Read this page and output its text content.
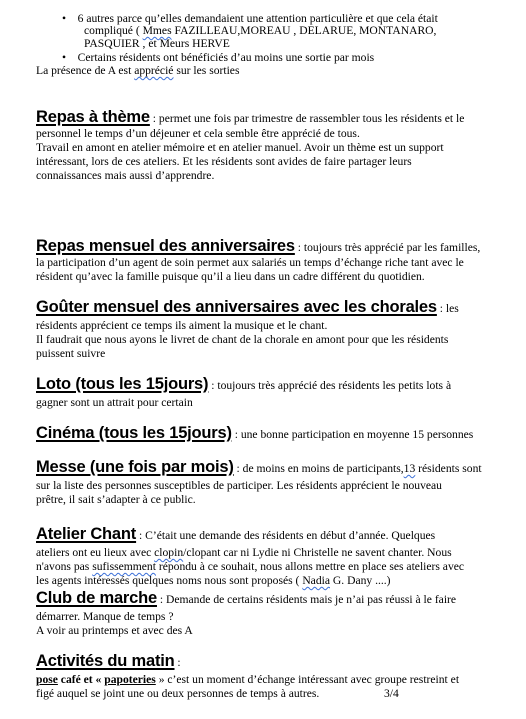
•    6 autres parce qu’elles demandaient une attention particulière et que cela était
compliqué ( Mmes FAZILLEAU,MOREAU , DELARUE, MONTANARO,
PASQUIER , et Meurs HERVE
•    Certains résidents ont bénéficiés d’au moins une sortie par mois
La présence de A est apprécié sur les sorties
Repas à thème : permet une fois par trimestre de rassembler tous les résidents et le
personnel le temps d’un déjeuner et cela semble être apprécié de tous.
Travail en amont en atelier mémoire et en atelier manuel. Avoir un thème est un support
intéressant, lors de ces ateliers. Et les résidents sont avides de faire partager leurs
connaissances mais aussi d’apprendre.
Repas mensuel des anniversaires : toujours très apprécié par les familles,
la participation d’un agent de soin permet aux salariés un temps d’échange riche tant avec le
résident qu’avec la famille puisque qu’il a lieu dans un cadre différent du quotidien.
Goûter mensuel des anniversaires avec les chorales : les
résidents apprécient ce temps ils aiment la musique et le chant.
Il faudrait que nous ayons le livret de chant de la chorale en amont pour que les résidents
puissent suivre
Loto (tous les 15jours) : toujours très apprécié des résidents les petits lots à
gagner sont un attrait pour certain
Cinéma (tous les 15jours) : une bonne participation en moyenne 15 personnes
Messe (une fois par mois) : de moins en moins de participants,13 résidents sont
sur la liste des personnes susceptibles de participer. Les résidents apprécient le nouveau
prêtre, il sait s’adapter à ce public.
Atelier Chant : C’était une demande des résidents en début d’année. Quelques
ateliers ont eu lieux avec clopin/clopant car ni Lydie ni Christelle ne savent chanter. Nous
n'avons pas sufissemment répondu à ce souhait, nous allons mettre en place ses ateliers avec
les agents intéressés quelques noms nous sont proposés ( Nadia G. Dany ....)
Club de marche : Demande de certains résidents mais je n’ai pas réussi à le faire
démarrer. Manque de temps ?
A voir au printemps et avec des A
Activités du matin :
pose café et « papoteries » c’est un moment d’échange intéressant avec groupe restreint et
figé auquel se joint une ou deux personnes de temps à autres.	3/4
